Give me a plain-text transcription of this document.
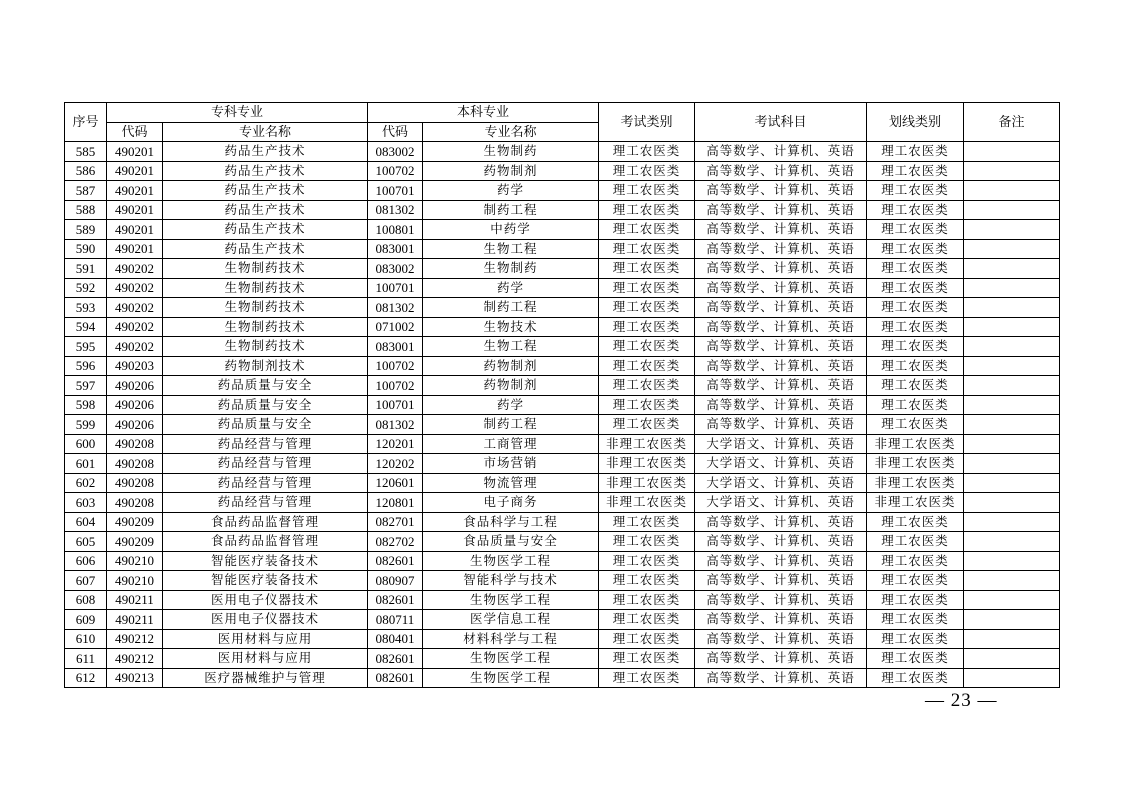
序号	专科专业		本科专业		考试类别	考试科目	划线类别	备注
	代码	专业名称	代码	专业名称				
585	490201	药品生产技术	083002	生物制药	理工农医类	高等数学、计算机、英语	理工农医类	
586	490201	药品生产技术	100702	药物制剂	理工农医类	高等数学、计算机、英语	理工农医类	
587	490201	药品生产技术	100701	药学	理工农医类	高等数学、计算机、英语	理工农医类	
588	490201	药品生产技术	081302	制药工程	理工农医类	高等数学、计算机、英语	理工农医类	
589	490201	药品生产技术	100801	中药学	理工农医类	高等数学、计算机、英语	理工农医类	
590	490201	药品生产技术	083001	生物工程	理工农医类	高等数学、计算机、英语	理工农医类	
591	490202	生物制药技术	083002	生物制药	理工农医类	高等数学、计算机、英语	理工农医类	
592	490202	生物制药技术	100701	药学	理工农医类	高等数学、计算机、英语	理工农医类	
593	490202	生物制药技术	081302	制药工程	理工农医类	高等数学、计算机、英语	理工农医类	
594	490202	生物制药技术	071002	生物技术	理工农医类	高等数学、计算机、英语	理工农医类	
595	490202	生物制药技术	083001	生物工程	理工农医类	高等数学、计算机、英语	理工农医类	
596	490203	药物制剂技术	100702	药物制剂	理工农医类	高等数学、计算机、英语	理工农医类	
597	490206	药品质量与安全	100702	药物制剂	理工农医类	高等数学、计算机、英语	理工农医类	
598	490206	药品质量与安全	100701	药学	理工农医类	高等数学、计算机、英语	理工农医类	
599	490206	药品质量与安全	081302	制药工程	理工农医类	高等数学、计算机、英语	理工农医类	
600	490208	药品经营与管理	120201	工商管理	非理工农医类	大学语文、计算机、英语	非理工农医类	
601	490208	药品经营与管理	120202	市场营销	非理工农医类	大学语文、计算机、英语	非理工农医类	
602	490208	药品经营与管理	120601	物流管理	非理工农医类	大学语文、计算机、英语	非理工农医类	
603	490208	药品经营与管理	120801	电子商务	非理工农医类	大学语文、计算机、英语	非理工农医类	
604	490209	食品药品监督管理	082701	食品科学与工程	理工农医类	高等数学、计算机、英语	理工农医类	
605	490209	食品药品监督管理	082702	食品质量与安全	理工农医类	高等数学、计算机、英语	理工农医类	
606	490210	智能医疗装备技术	082601	生物医学工程	理工农医类	高等数学、计算机、英语	理工农医类	
607	490210	智能医疗装备技术	080907	智能科学与技术	理工农医类	高等数学、计算机、英语	理工农医类	
608	490211	医用电子仪器技术	082601	生物医学工程	理工农医类	高等数学、计算机、英语	理工农医类	
609	490211	医用电子仪器技术	080711	医学信息工程	理工农医类	高等数学、计算机、英语	理工农医类	
610	490212	医用材料与应用	080401	材料科学与工程	理工农医类	高等数学、计算机、英语	理工农医类	
611	490212	医用材料与应用	082601	生物医学工程	理工农医类	高等数学、计算机、英语	理工农医类	
612	490213	医疗器械维护与管理	082601	生物医学工程	理工农医类	高等数学、计算机、英语	理工农医类	
— 23 —
